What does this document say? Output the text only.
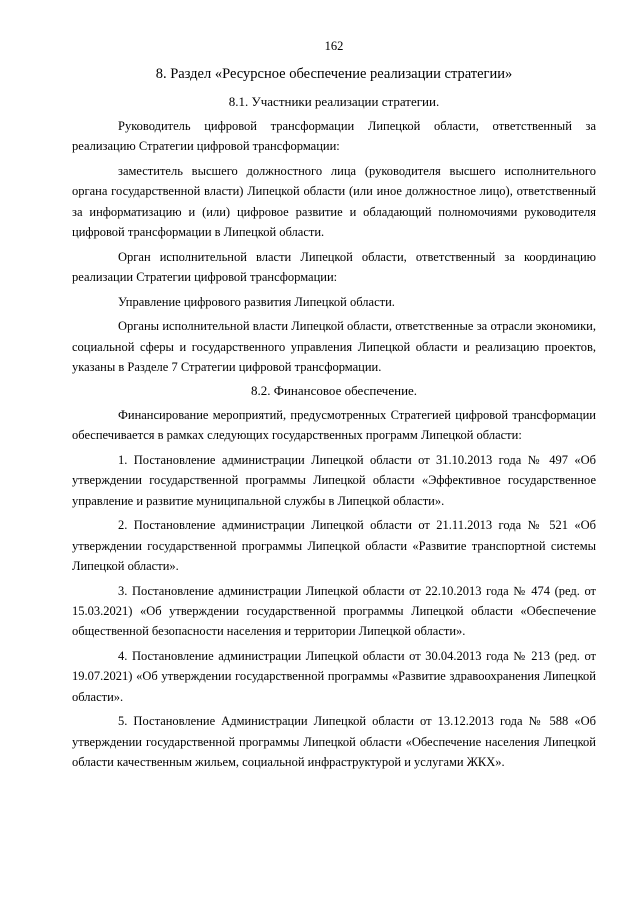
162
8. Раздел «Ресурсное обеспечение реализации стратегии»
8.1. Участники реализации стратегии.

Руководитель цифровой трансформации Липецкой области, ответственный за реализацию Стратегии цифровой трансформации:

заместитель высшего должностного лица (руководителя высшего исполнительного органа государственной власти) Липецкой области (или иное должностное лицо), ответственный за информатизацию и (или) цифровое развитие и обладающий полномочиями руководителя цифровой трансформации в Липецкой области.

Орган исполнительной власти Липецкой области, ответственный за координацию реализации Стратегии цифровой трансформации:

Управление цифрового развития Липецкой области.

Органы исполнительной власти Липецкой области, ответственные за отрасли экономики, социальной сферы и государственного управления Липецкой области и реализацию проектов, указаны в Разделе 7 Стратегии цифровой трансформации.

8.2. Финансовое обеспечение.

Финансирование мероприятий, предусмотренных Стратегией цифровой трансформации обеспечивается в рамках следующих государственных программ Липецкой области:

1. Постановление администрации Липецкой области от 31.10.2013 года № 497 «Об утверждении государственной программы Липецкой области «Эффективное государственное управление и развитие муниципальной службы в Липецкой области».

2. Постановление администрации Липецкой области от 21.11.2013 года № 521 «Об утверждении государственной программы Липецкой области «Развитие транспортной системы Липецкой области».

3. Постановление администрации Липецкой области от 22.10.2013 года № 474 (ред. от 15.03.2021) «Об утверждении государственной программы Липецкой области «Обеспечение общественной безопасности населения и территории Липецкой области».

4. Постановление администрации Липецкой области от 30.04.2013 года № 213 (ред. от 19.07.2021) «Об утверждении государственной программы «Развитие здравоохранения Липецкой области».

5. Постановление Администрации Липецкой области от 13.12.2013 года № 588 «Об утверждении государственной программы Липецкой области «Обеспечение населения Липецкой области качественным жильем, социальной инфраструктурой и услугами ЖКХ».
